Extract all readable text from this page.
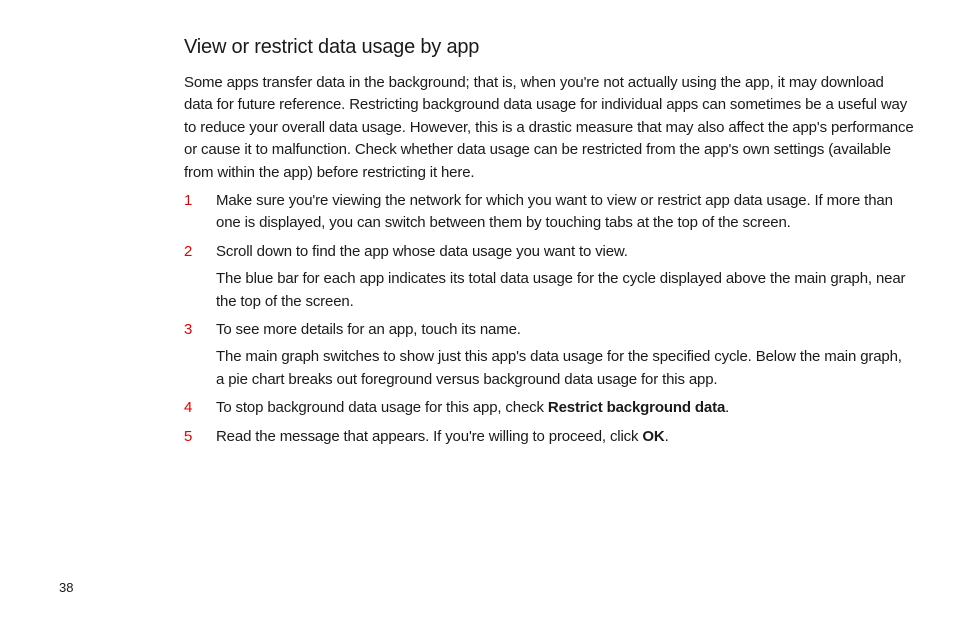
View or restrict data usage by app

Some apps transfer data in the background; that is, when you're not actually using the app, it may download data for future reference. Restricting background data usage for individual apps can sometimes be a useful way to reduce your overall data usage. However, this is a drastic measure that may also affect the app's performance or cause it to malfunction. Check whether data usage can be restricted from the app's own settings (available from within the app) before restricting it here.

1 Make sure you're viewing the network for which you want to view or restrict app data usage. If more than one is displayed, you can switch between them by touching tabs at the top of the screen.

2 Scroll down to find the app whose data usage you want to view.

The blue bar for each app indicates its total data usage for the cycle displayed above the main graph, near the top of the screen.

3 To see more details for an app, touch its name.

The main graph switches to show just this app's data usage for the specified cycle. Below the main graph, a pie chart breaks out foreground versus background data usage for this app.

4 To stop background data usage for this app, check Restrict background data.

5 Read the message that appears. If you're willing to proceed, click OK.

38
